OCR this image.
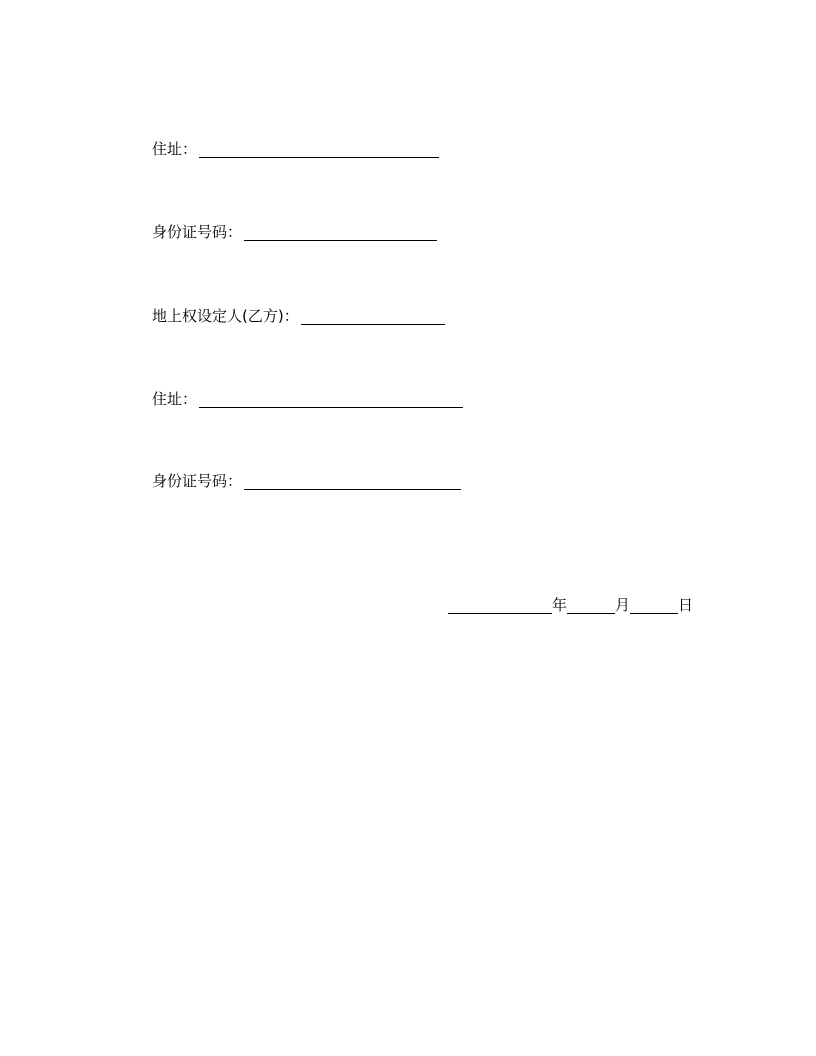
住址：
身份证号码：
地上权设定人(乙方)：
住址：
身份证号码：
年	月	日
